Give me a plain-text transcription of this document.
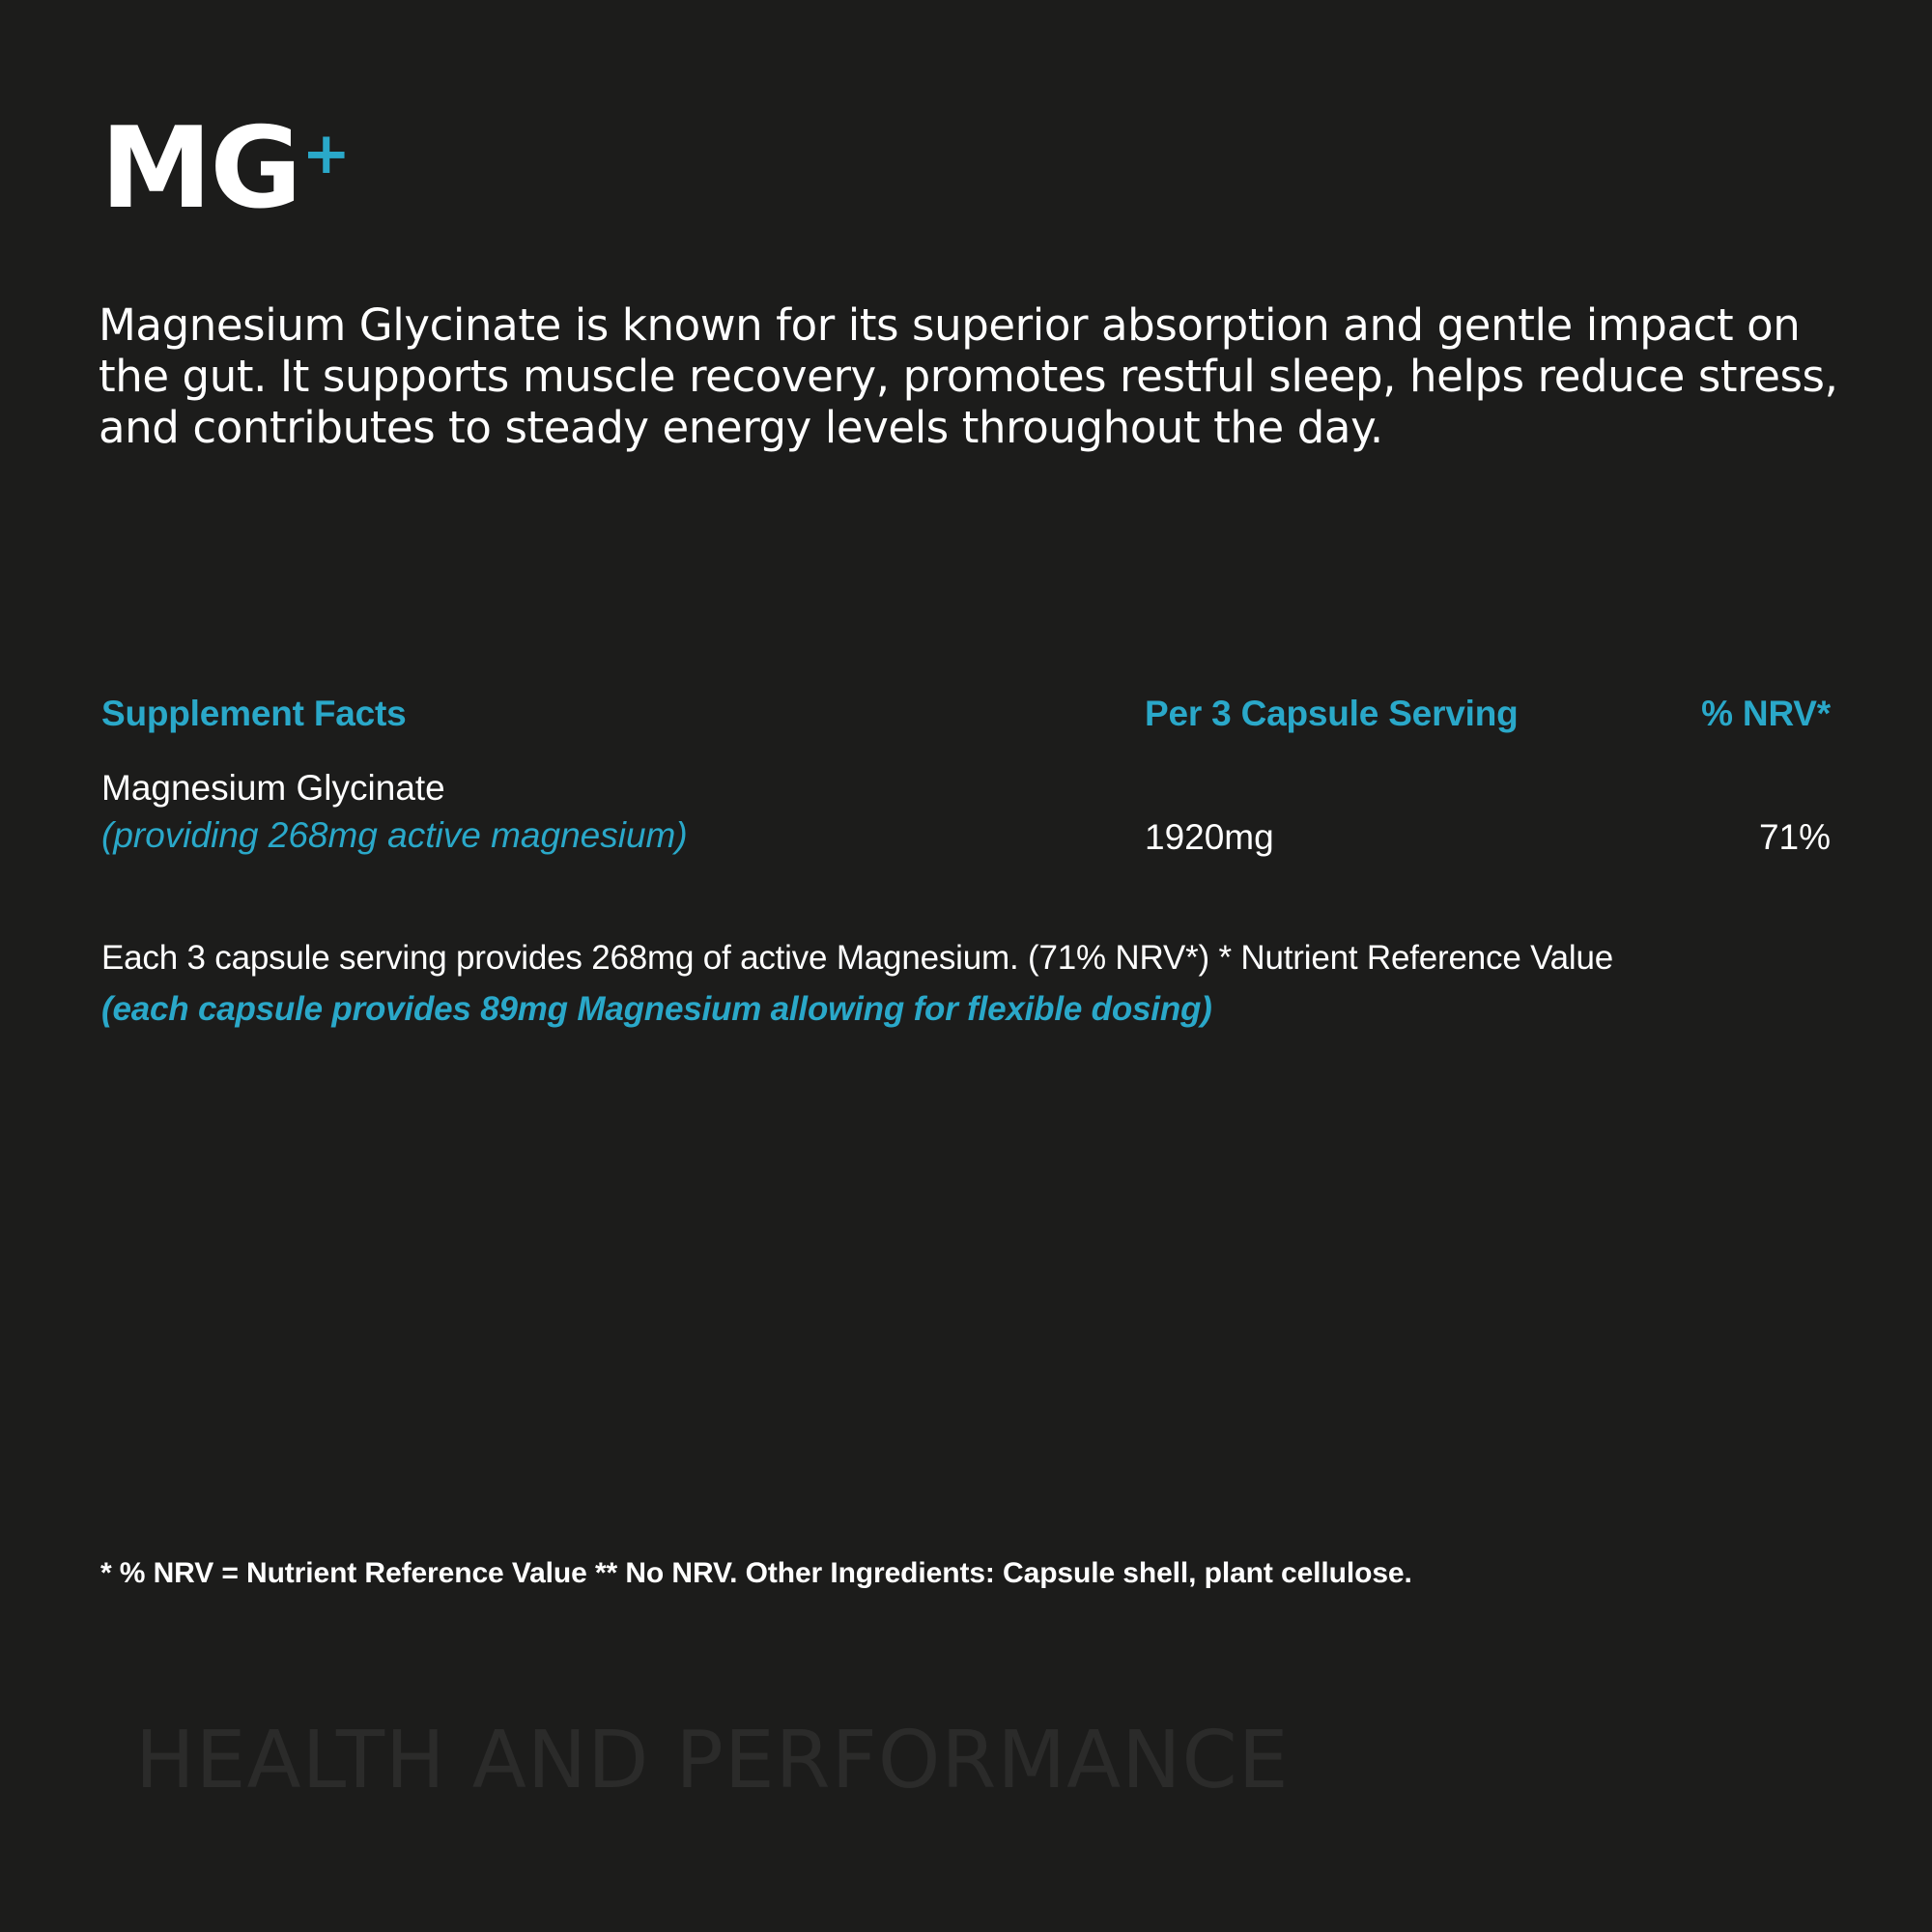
MG +

Magnesium Glycinate is known for its superior absorption and gentle impact on the gut. It supports muscle recovery, promotes restful sleep, helps reduce stress, and contributes to steady energy levels throughout the day.

Supplement Facts	Per 3 Capsule Serving	% NRV*
Magnesium Glycinate
(providing 268mg active magnesium)	1920mg	71%
Each 3 capsule serving provides 268mg of active Magnesium. (71% NRV*) * Nutrient Reference Value
(each capsule provides 89mg Magnesium allowing for flexible dosing)
* % NRV = Nutrient Reference Value ** No NRV. Other Ingredients: Capsule shell, plant cellulose.
HEALTH AND PERFORMANCE
